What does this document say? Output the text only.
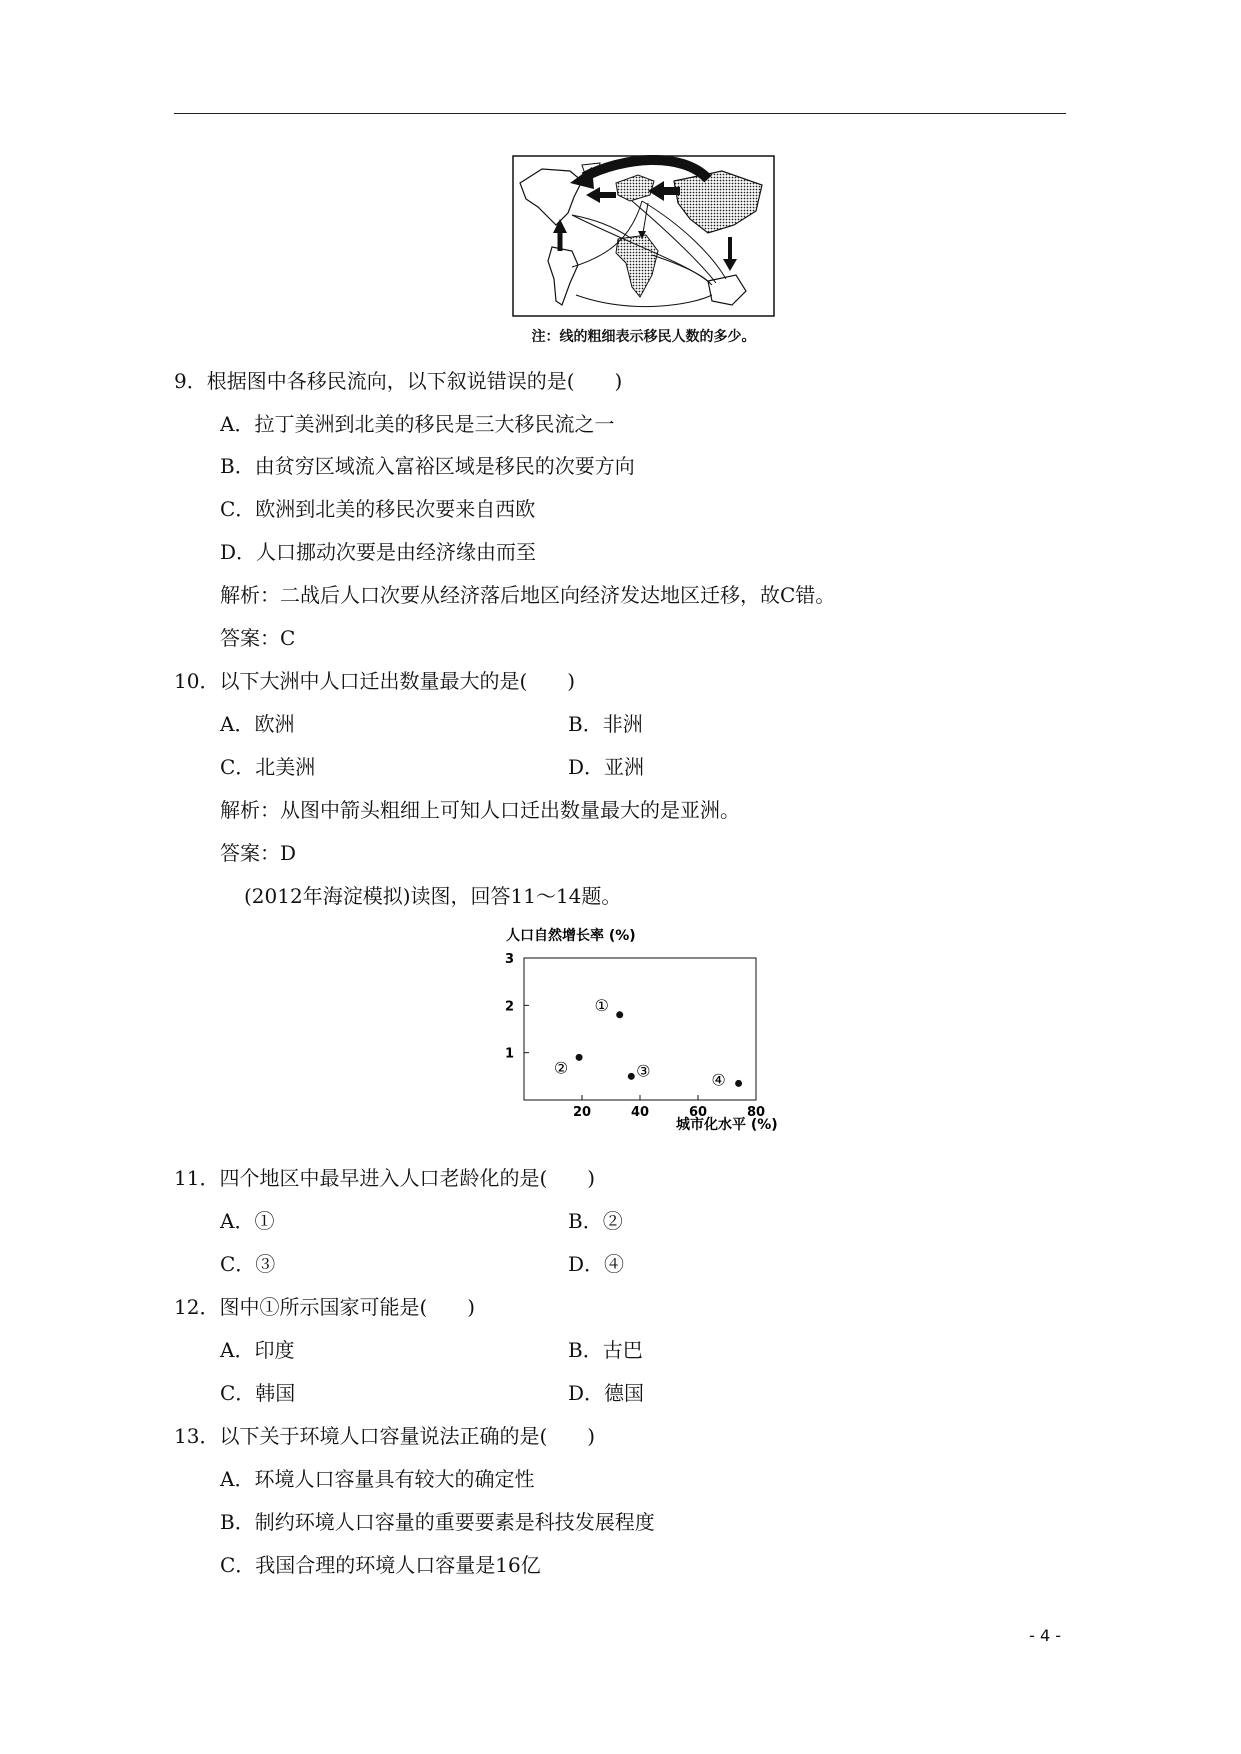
注：线的粗细表示移民人数的多少。
9．根据图中各移民流向，以下叙说错误的是(　　)
A．拉丁美洲到北美的移民是三大移民流之一
B．由贫穷区域流入富裕区域是移民的次要方向
C．欧洲到北美的移民次要来自西欧
D．人口挪动次要是由经济缘由而至
解析：二战后人口次要从经济落后地区向经济发达地区迁移，故C错。
答案：C
10．以下大洲中人口迁出数量最大的是(　　)
A．欧洲	B．非洲
C．北美洲	D．亚洲
解析：从图中箭头粗细上可知人口迁出数量最大的是亚洲。
答案：D
(2012年海淀模拟)读图，回答11～14题。
人口自然增长率 (%)
城市化水平 (%)
20	40	60	80
1
2
3
①
②	③	④
11．四个地区中最早进入人口老龄化的是(　　)
A．①	B．②
C．③	D．④
12．图中①所示国家可能是(　　)
A．印度	B．古巴
C．韩国	D．德国
13．以下关于环境人口容量说法正确的是(　　)
A．环境人口容量具有较大的确定性
B．制约环境人口容量的重要要素是科技发展程度
C．我国合理的环境人口容量是16亿
- 4 -
